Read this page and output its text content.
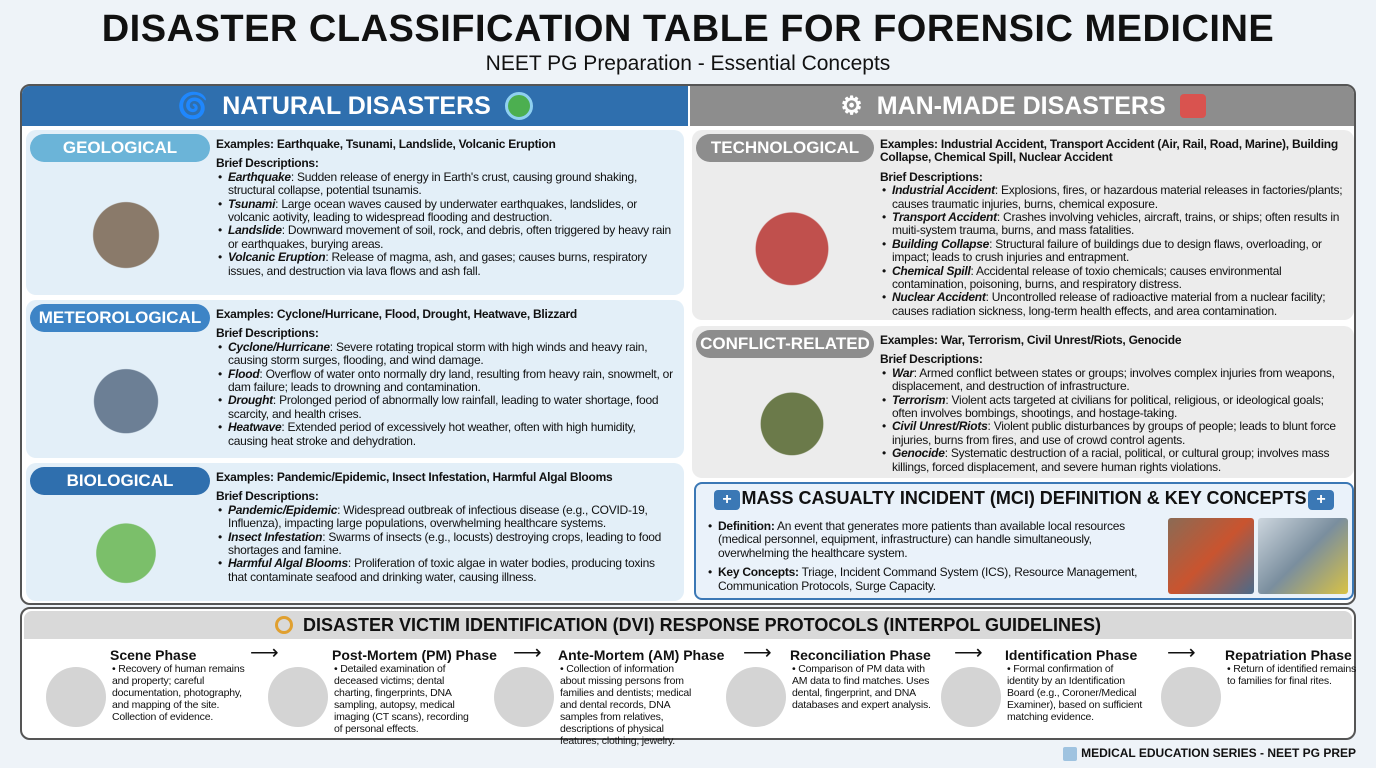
DISASTER CLASSIFICATION TABLE FOR FORENSIC MEDICINE
NEET PG Preparation - Essential Concepts
🌀 NATURAL DISASTERS	⚙ MAN-MADE DISASTERS
GEOLOGICAL	Examples: Earthquake, Tsunami, Landslide, Volcanic Eruption
Brief Descriptions:
• Earthquake: Sudden release of energy in Earth's crust, causing ground shaking, structural collapse, potential tsunamis.
• Tsunami: Large ocean waves caused by underwater earthquakes, landslides, or volcanic aotivity, leading to widespread flooding and destruction.
• Landslide: Downward movement of soil, rock, and debris, often triggered by heavy rain or earthquakes, burying areas.
• Volcanic Eruption: Release of magma, ash, and gases; causes burns, respiratory issues, and destruction via lava flows and ash fall.
METEOROLOGICAL	Examples: Cyclone/Hurricane, Flood, Drought, Heatwave, Blizzard
Brief Descriptions:
• Cyclone/Hurricane: Severe rotating tropical storm with high winds and heavy rain, causing storm surges, flooding, and wind damage.
• Flood: Overflow of water onto normally dry land, resulting from heavy rain, snowmelt, or dam failure; leads to drowning and contamination.
• Drought: Prolonged period of abnormally low rainfall, leading to water shortage, food scarcity, and health crises.
• Heatwave: Extended period of excessively hot weather, often with high humidity, causing heat stroke and dehydration.
BIOLOGICAL	Examples: Pandemic/Epidemic, Insect Infestation, Harmful Algal Blooms
Brief Descriptions:
• Pandemic/Epidemic: Widespread outbreak of infectious disease (e.g., COVID-19, Influenza), impacting large populations, overwhelming healthcare systems.
• Insect Infestation: Swarms of insects (e.g., locusts) destroying crops, leading to food shortages and famine.
• Harmful Algal Blooms: Proliferation of toxic algae in water bodies, producing toxins that contaminate seafood and drinking water, causing illness.
TECHNOLOGICAL	Examples: Industrial Accident, Transport Accident (Air, Rail, Road, Marine), Building Collapse, Chemical Spill, Nuclear Accident
Brief Descriptions:
• Industrial Accident: Explosions, fires, or hazardous material releases in factories/plants; causes traumatic injuries, burns, chemical exposure.
• Transport Accident: Crashes involving vehicles, aircraft, trains, or ships; often results in muiti-system trauma, burns, and mass fatalities.
• Building Collapse: Structural failure of buildings due to design flaws, overloading, or impact; leads to crush injuries and entrapment.
• Chemical Spill: Accidental release of toxio chemicals; causes environmental contamination, poisoning, burns, and respiratory distress.
• Nuclear Accident: Uncontrolled release of radioactive material from a nuclear facility; causes radiation sickness, long-term health effects, and area contamination.
CONFLICT-RELATED Examples: War, Terrorism, Civil Unrest/Riots, Genocide
Brief Descriptions:
• War: Armed conflict between states or groups; involves complex injuries from weapons, displacement, and destruction of infrastructure.
• Terrorism: Violent acts targeted at civilians for political, religious, or ideological goals; often involves bombings, shootings, and hostage-taking.
• Civil Unrest/Riots: Violent public disturbances by groups of people; leads to blunt force injuries, burns from fires, and use of crowd control agents.
• Genocide: Systematic destruction of a racial, political, or cultural group; involves mass killings, forced displacement, and severe human rights violations.
MASS CASUALTY INCIDENT (MCI) DEFINITION & KEY CONCEPTS
+	+
• Definition: An event that generates more patients than available local resources (medical personnel, equipment, infrastructure) can handle simultaneously, overwhelming the healthcare system.
• Key Concepts: Triage, Incident Command System (ICS), Resource Management, Communication Protocols, Surge Capacity.
DISASTER VICTIM IDENTIFICATION (DVI) RESPONSE PROTOCOLS (INTERPOL GUIDELINES)
Scene Phase
• Recovery of human remains and property; careful documentation, photography, and mapping of the site. Collection of evidence.
Post-Mortem (PM) Phase
• Detailed examination of deceased victims; dental charting, fingerprints, DNA sampling, autopsy, medical imaging (CT scans), recording of personal effects.
Ante-Mortem (AM) Phase
• Collection of information about missing persons from families and dentists; medical and dental records, DNA samples from relatives, descriptions of physical features, clothing, jewelry.
Reconciliation Phase
• Comparison of PM data with AM data to find matches. Uses dental, fingerprint, and DNA databases and expert analysis.
Identification Phase
• Formal confirmation of identity by an Identification Board (e.g., Coroner/Medical Examiner), based on sufficient matching evidence.
Repatriation Phase
• Return of identified remains to families for final rites.
⟶	⟶	⟶	⟶	⟶
MEDICAL EDUCATION SERIES - NEET PG PREP
